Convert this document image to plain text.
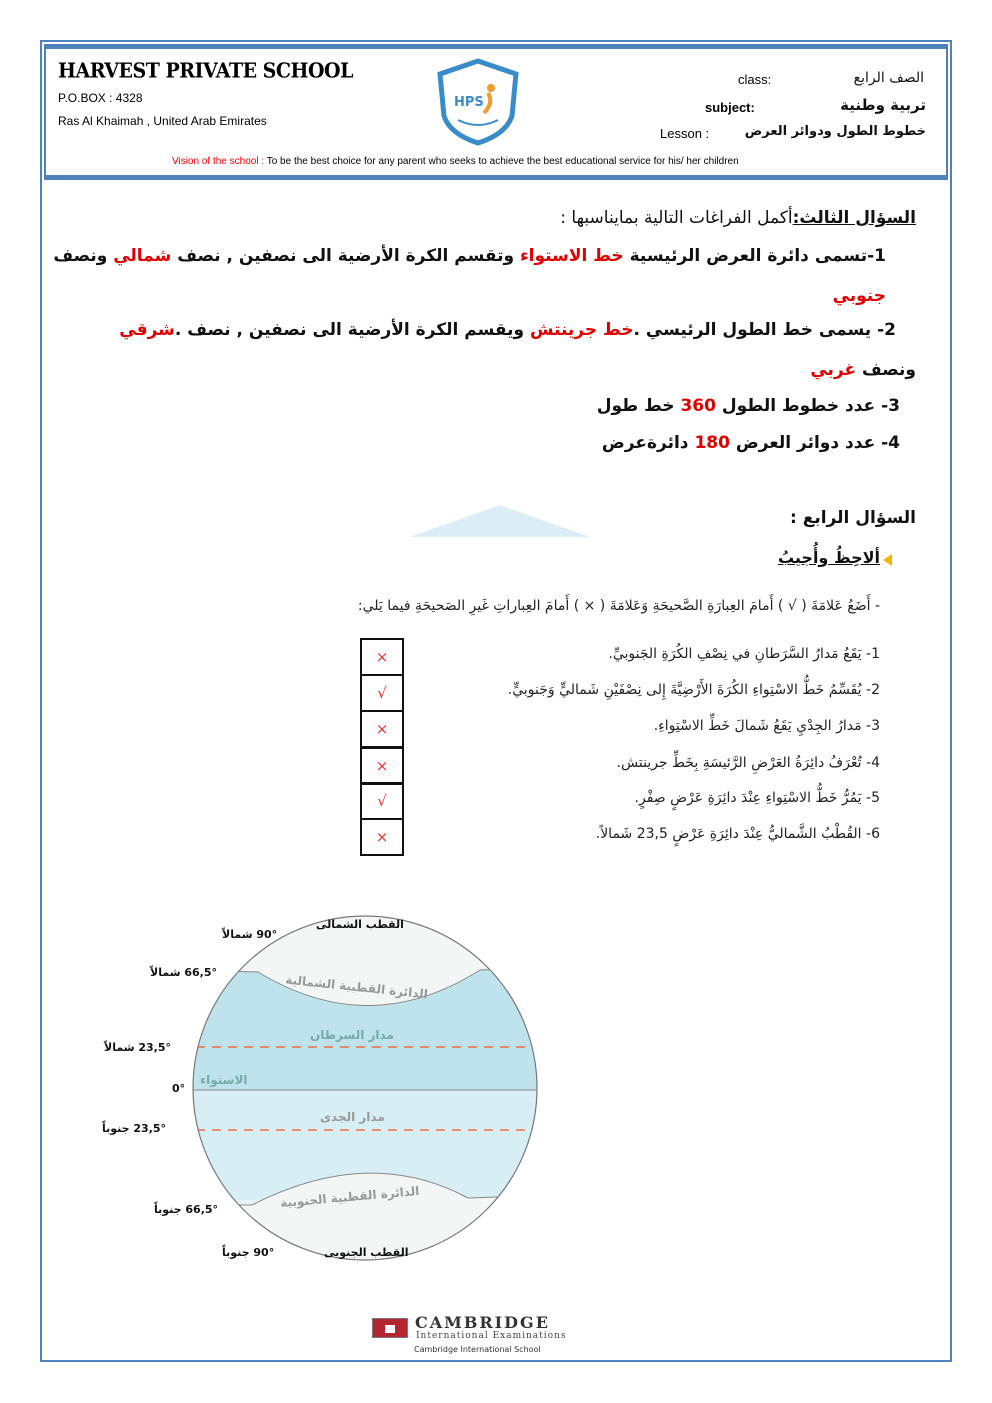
HARVEST PRIVATE SCHOOL
P.O.BOX : 4328
Ras Al Khaimah , United Arab Emirates
HPS
class:	الصف الرابع
subject:	تربية وطنية
Lesson :	خطوط الطول ودوائر العرض
Vision of the school : To be the best choice for any parent who seeks to achieve the best educational service for his/ her children
السؤال الثالث:أكمل الفراغات التالية بمايناسبها :
1-تسمى دائرة العرض الرئيسية خط الاستواء وتقسم الكرة الأرضية الى نصفين , نصف شمالي ونصف
جنوبي
2- يسمى خط الطول الرئيسي .خط جرينتش ويقسم الكرة الأرضية الى نصفين , نصف .شرقي
ونصف غربي
3- عدد خطوط الطول 360 خط طول
4- عدد دوائر العرض 180 دائرةعرض
السؤال الرابع :
ألاحِظُ وأُجيبُ
- أَضَعُ عَلامَةَ ( √ ) أَمامَ العِبارَةِ الصَّحيحَةِ وَعَلامَةَ ( × ) أَمامَ العِباراتِ غَيرِ الصَحيحَةِ فيما يَلي:
1- يَقَعُ مَدارُ السَّرَطانِ في نِصْفِ الكُرَةِ الجَنوبيِّ.
×
2- يُقَسِّمُ خَطُّ الاسْتِواءِ الكُرَةَ الأَرْضِيَّةَ إِلى نِصْفَيْنِ شَماليٍّ وَجَنوبيٍّ.
√
3- مَدارُ الجِدْيِ يَقَعُ شَمالَ خَطِّ الاسْتِواءِ.
×
4- تُعْرَفُ دائِرَةُ العَرْضِ الرَّئيسَةِ بِخَطِّ جرينتش.
×
5- يَمُرُّ خَطُّ الاسْتِواءِ عِنْدَ دائِرَةِ عَرْضٍ صِفْرٍ.
√
6- القُطْبُ الشَّماليُّ عِنْدَ دائِرَةِ عَرْضٍ 23,5 شَمالاً.
×
القطب الشمالى
90° شمالاً
66,5° شمالاً
23,5° شمالاً
0°
23,5° جنوباً
66,5° جنوباً
90° جنوباً	القطب الجنوبى
الدائرة القطبية الشمالية
مدار السرطان
الاستواء
مدار الجدى
الدائرة القطبية الجنوبية
CAMBRIDGE
International Examinations
Cambridge International School
